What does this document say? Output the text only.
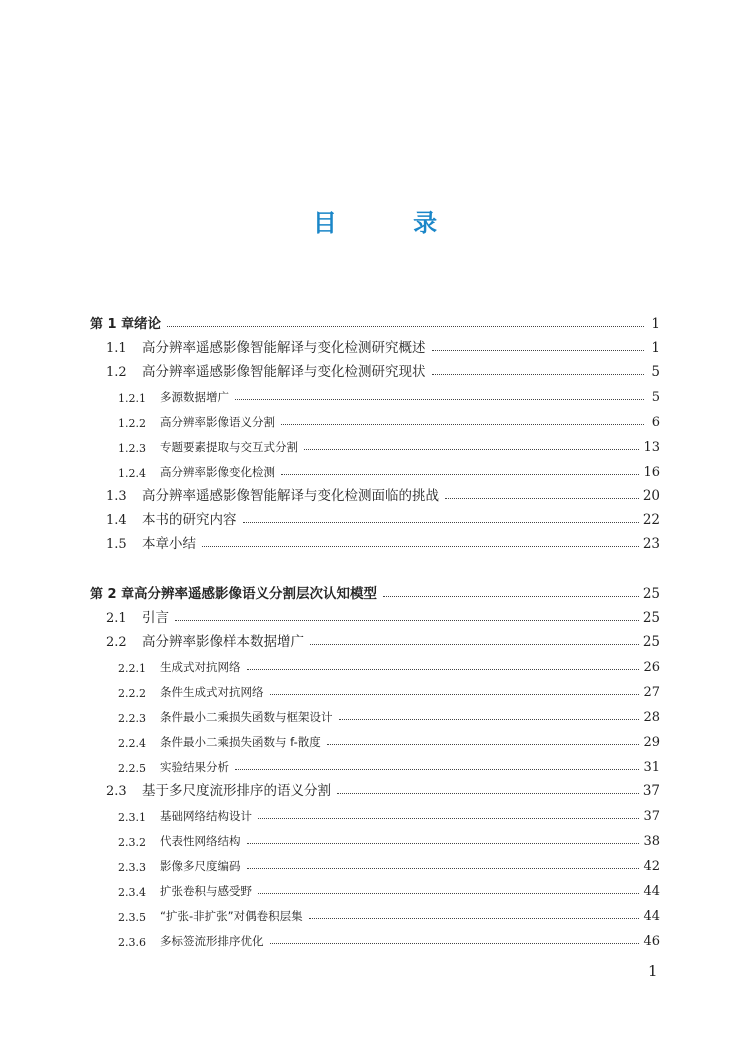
目 录
第 1 章 绪论	1
1.1	高分辨率遥感影像智能解译与变化检测研究概述	1
1.2	高分辨率遥感影像智能解译与变化检测研究现状	5
1.2.1	多源数据增广	5
1.2.2	高分辨率影像语义分割	6
1.2.3	专题要素提取与交互式分割	13
1.2.4	高分辨率影像变化检测	16
1.3	高分辨率遥感影像智能解译与变化检测面临的挑战	20
1.4	本书的研究内容	22
1.5	本章小结	23
第 2 章 高分辨率遥感影像语义分割层次认知模型	25
2.1	引言	25
2.2	高分辨率影像样本数据增广	25
2.2.1	生成式对抗网络	26
2.2.2	条件生成式对抗网络	27
2.2.3	条件最小二乘损失函数与框架设计	28
2.2.4	条件最小二乘损失函数与 f-散度	29
2.2.5	实验结果分析	31
2.3	基于多尺度流形排序的语义分割	37
2.3.1	基础网络结构设计	37
2.3.2	代表性网络结构	38
2.3.3	影像多尺度编码	42
2.3.4	扩张卷积与感受野	44
2.3.5	“扩张-非扩张”对偶卷积层集	44
2.3.6	多标签流形排序优化	46
1
